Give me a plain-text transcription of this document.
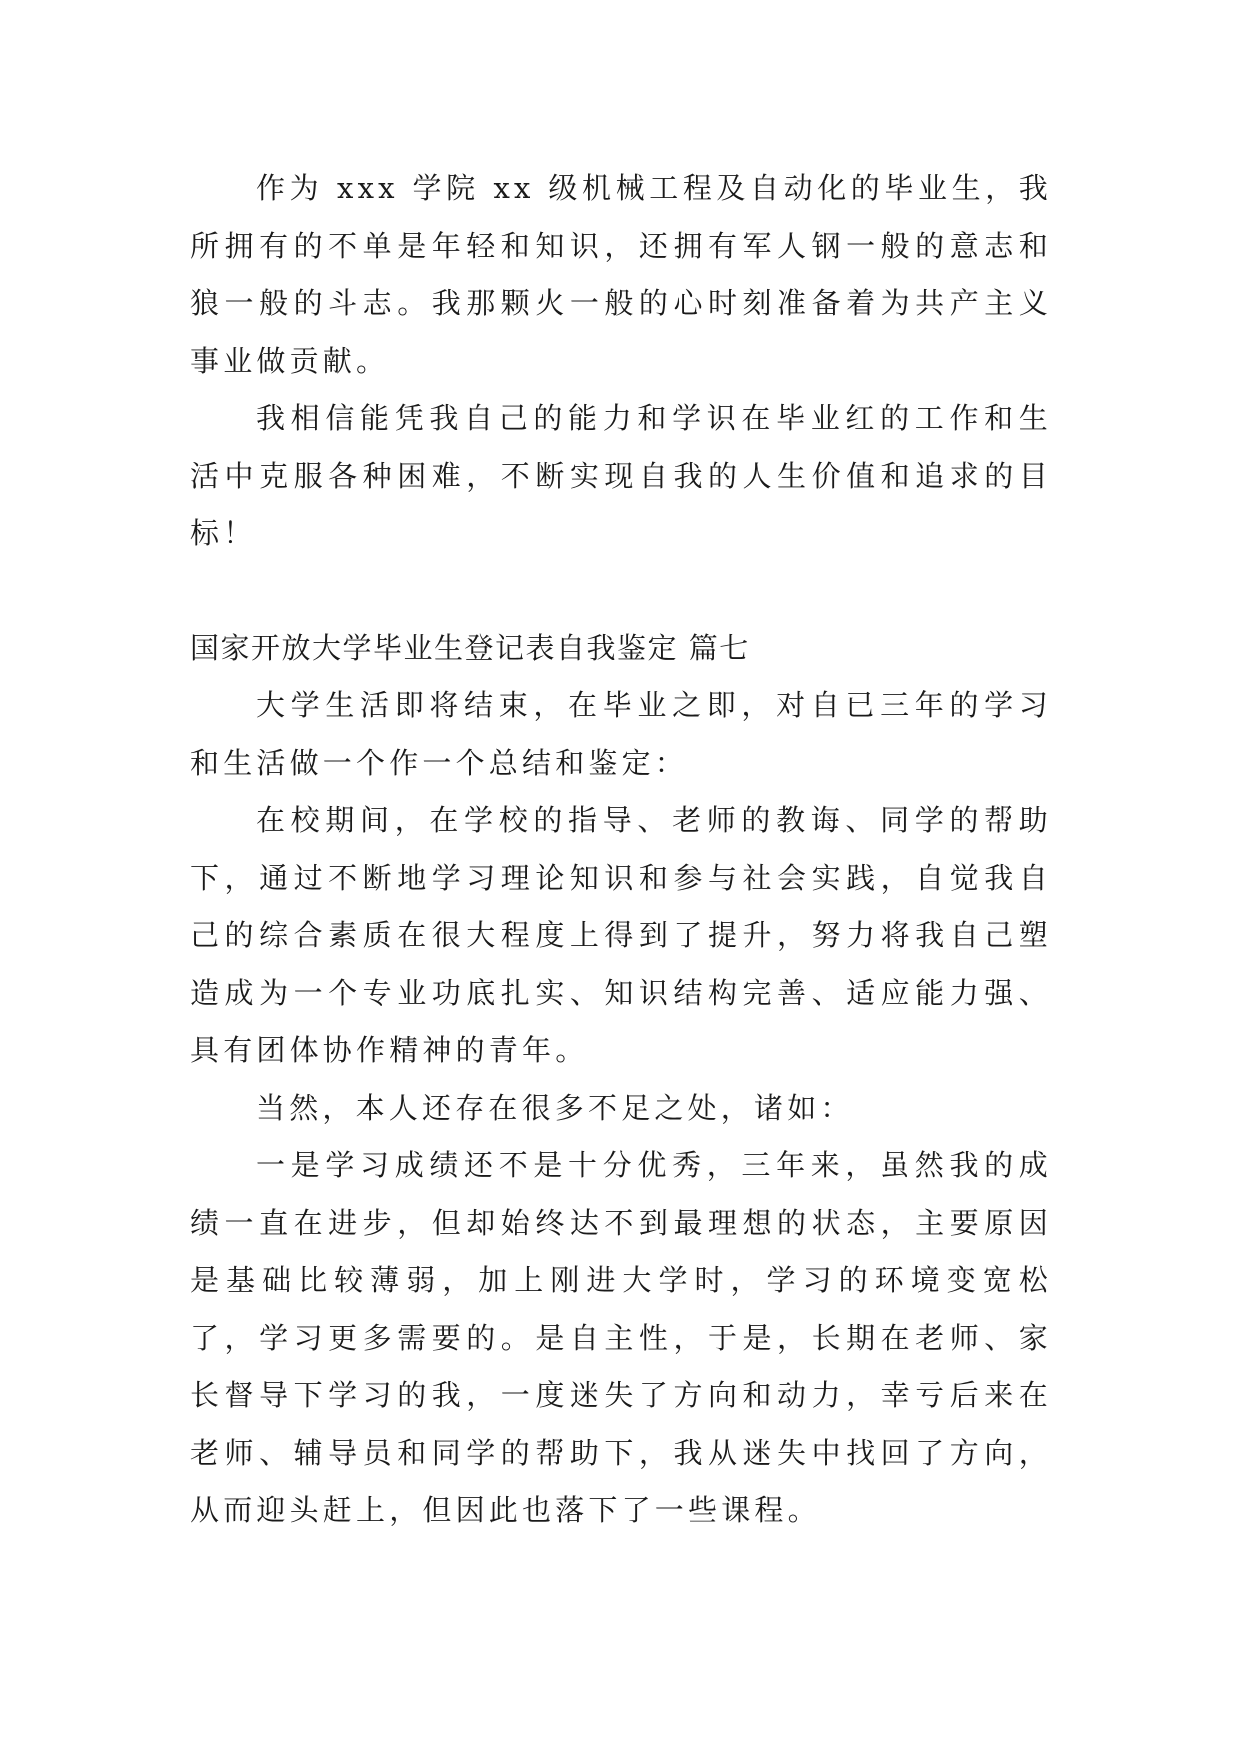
作为 xxx 学院 xx 级机械工程及自动化的毕业生，我所拥有的不单是年轻和知识，还拥有军人钢一般的意志和狼一般的斗志。我那颗火一般的心时刻准备着为共产主义事业做贡献。

我相信能凭我自己的能力和学识在毕业红的工作和生活中克服各种困难，不断实现自我的人生价值和追求的目标！

国家开放大学毕业生登记表自我鉴定 篇七

大学生活即将结束，在毕业之即，对自已三年的学习和生活做一个作一个总结和鉴定：

在校期间，在学校的指导、老师的教诲、同学的帮助下，通过不断地学习理论知识和参与社会实践，自觉我自己的综合素质在很大程度上得到了提升，努力将我自己塑造成为一个专业功底扎实、知识结构完善、适应能力强、具有团体协作精神的青年。

当然，本人还存在很多不足之处，诸如：

一是学习成绩还不是十分优秀，三年来，虽然我的成绩一直在进步，但却始终达不到最理想的状态，主要原因是基础比较薄弱，加上刚进大学时，学习的环境变宽松了，学习更多需要的。是自主性，于是，长期在老师、家长督导下学习的我，一度迷失了方向和动力，幸亏后来在老师、辅导员和同学的帮助下，我从迷失中找回了方向，从而迎头赶上，但因此也落下了一些课程。
